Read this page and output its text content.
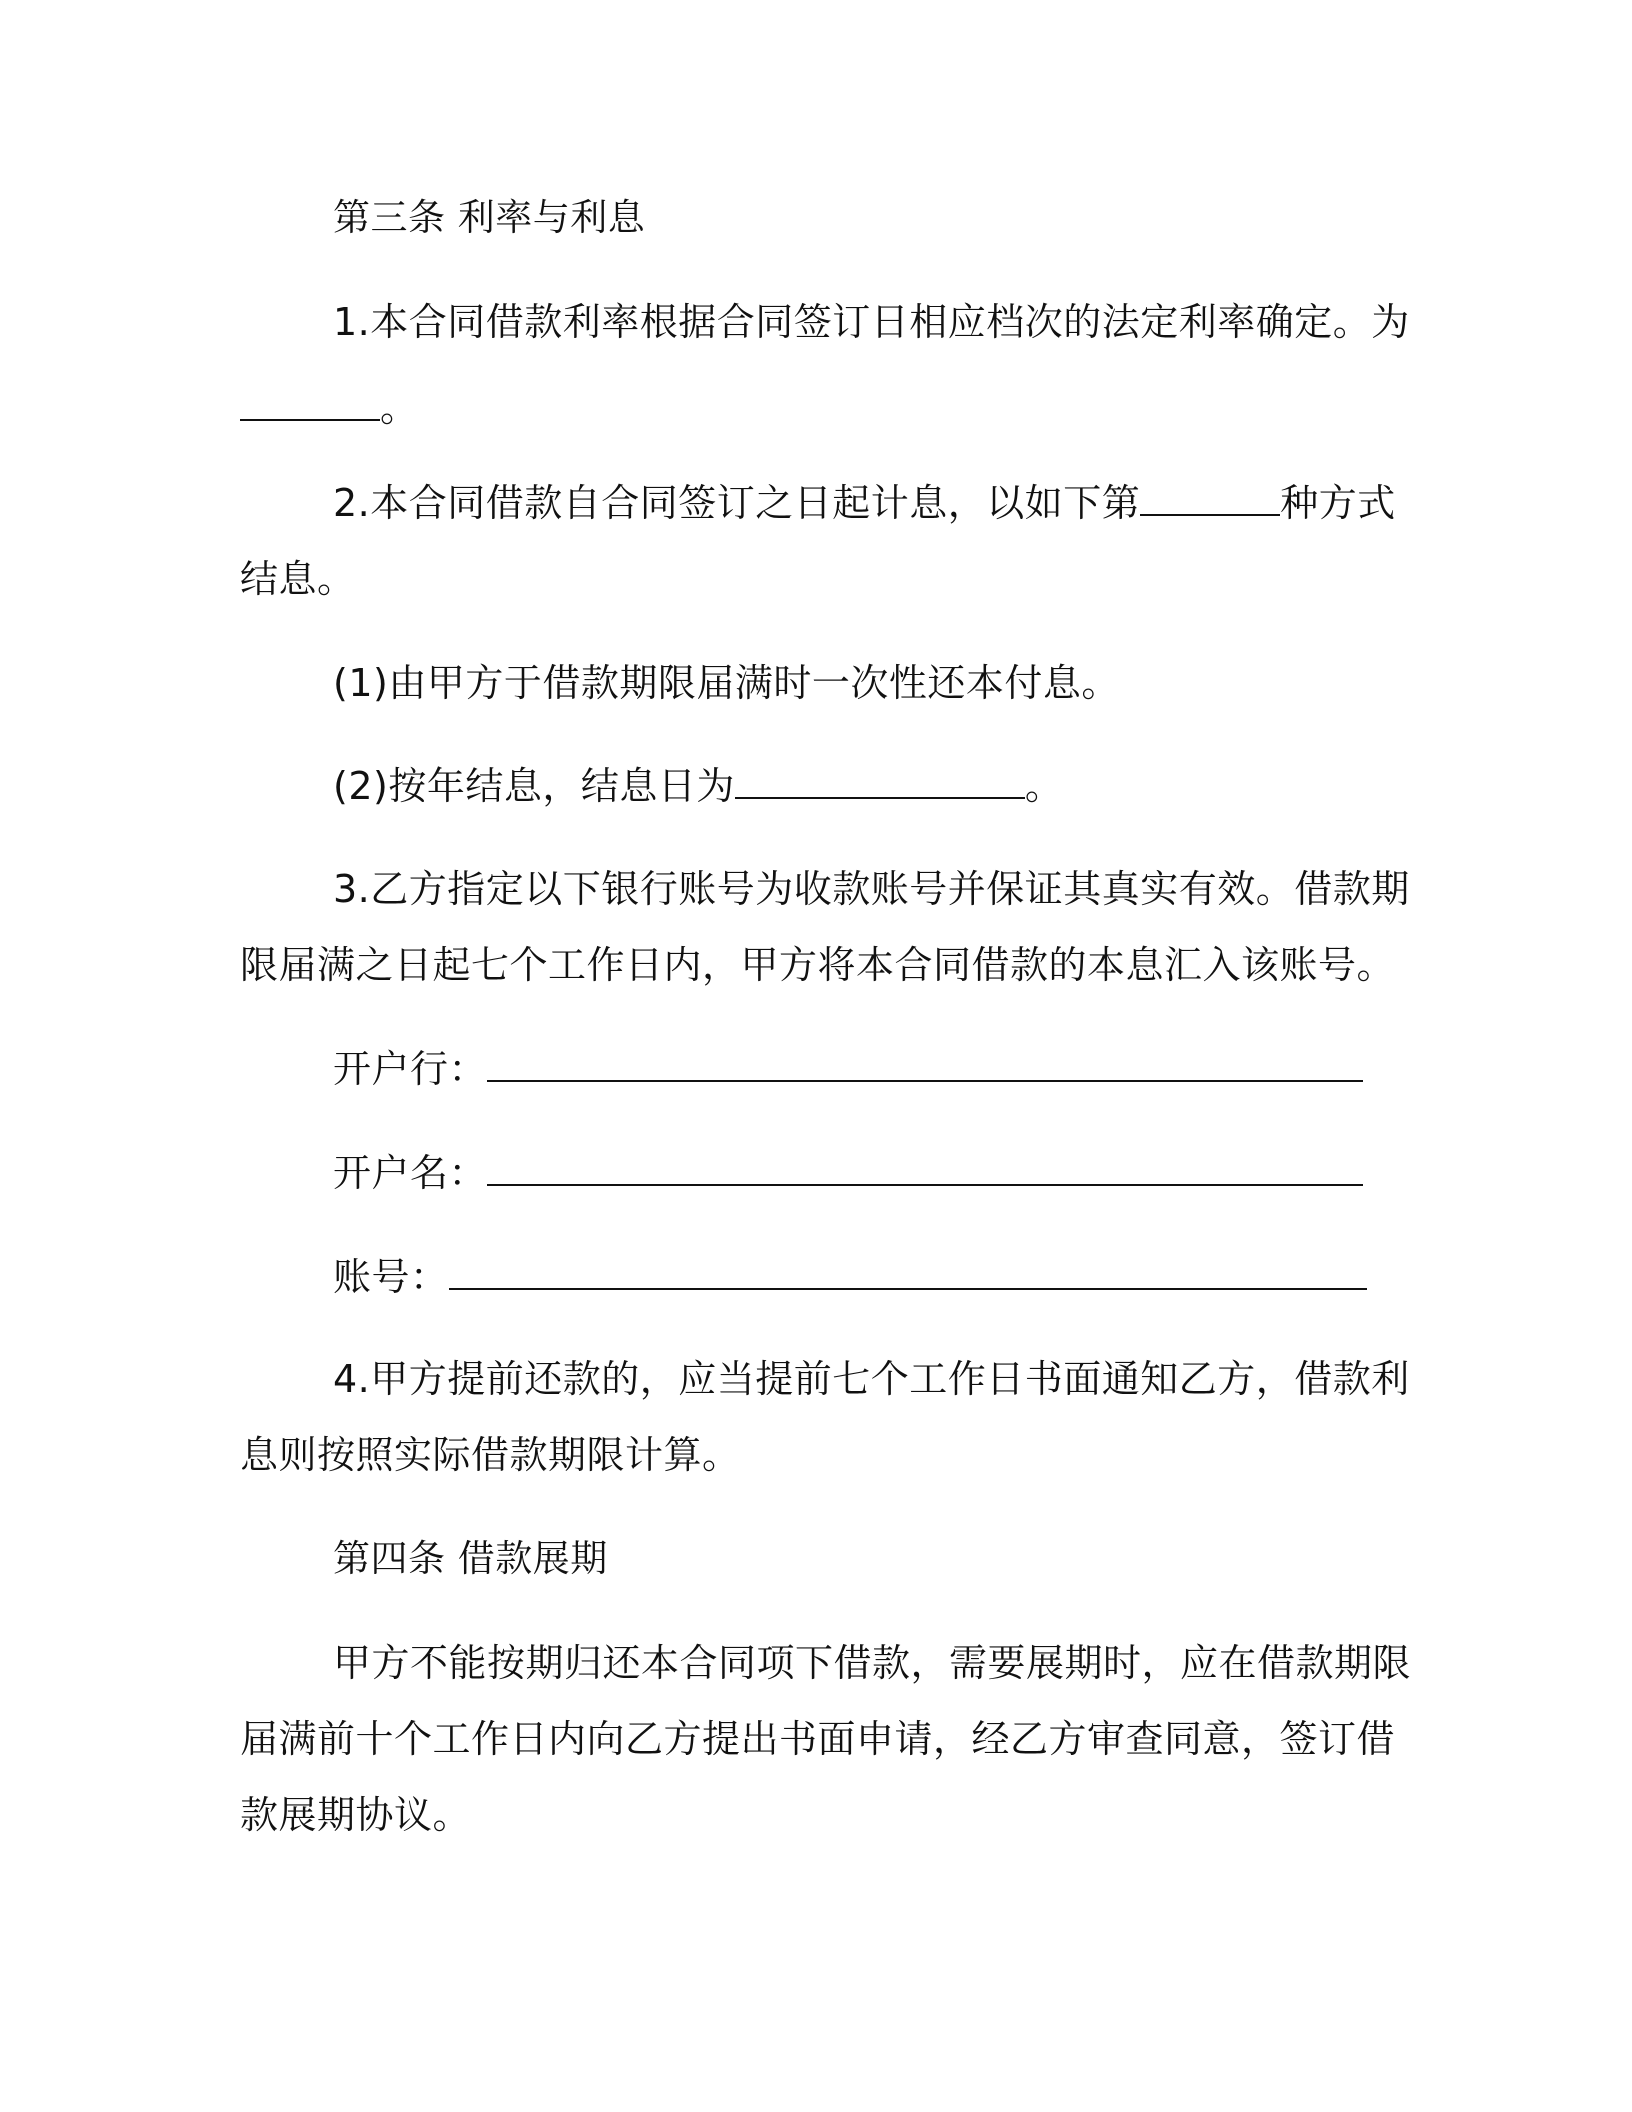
第三条 利率与利息
1.本合同借款利率根据合同签订日相应档次的法定利率确定。为
。
2.本合同借款自合同签订之日起计息，以如下第	种方式
结息。
(1)由甲方于借款期限届满时一次性还本付息。
(2)按年结息，结息日为	。
3.乙方指定以下银行账号为收款账号并保证其真实有效。借款期
限届满之日起七个工作日内，甲方将本合同借款的本息汇入该账号。
开户行：
开户名：
账号：
4.甲方提前还款的，应当提前七个工作日书面通知乙方，借款利
息则按照实际借款期限计算。
第四条 借款展期
甲方不能按期归还本合同项下借款，需要展期时，应在借款期限
届满前十个工作日内向乙方提出书面申请，经乙方审查同意，签订借
款展期协议。
